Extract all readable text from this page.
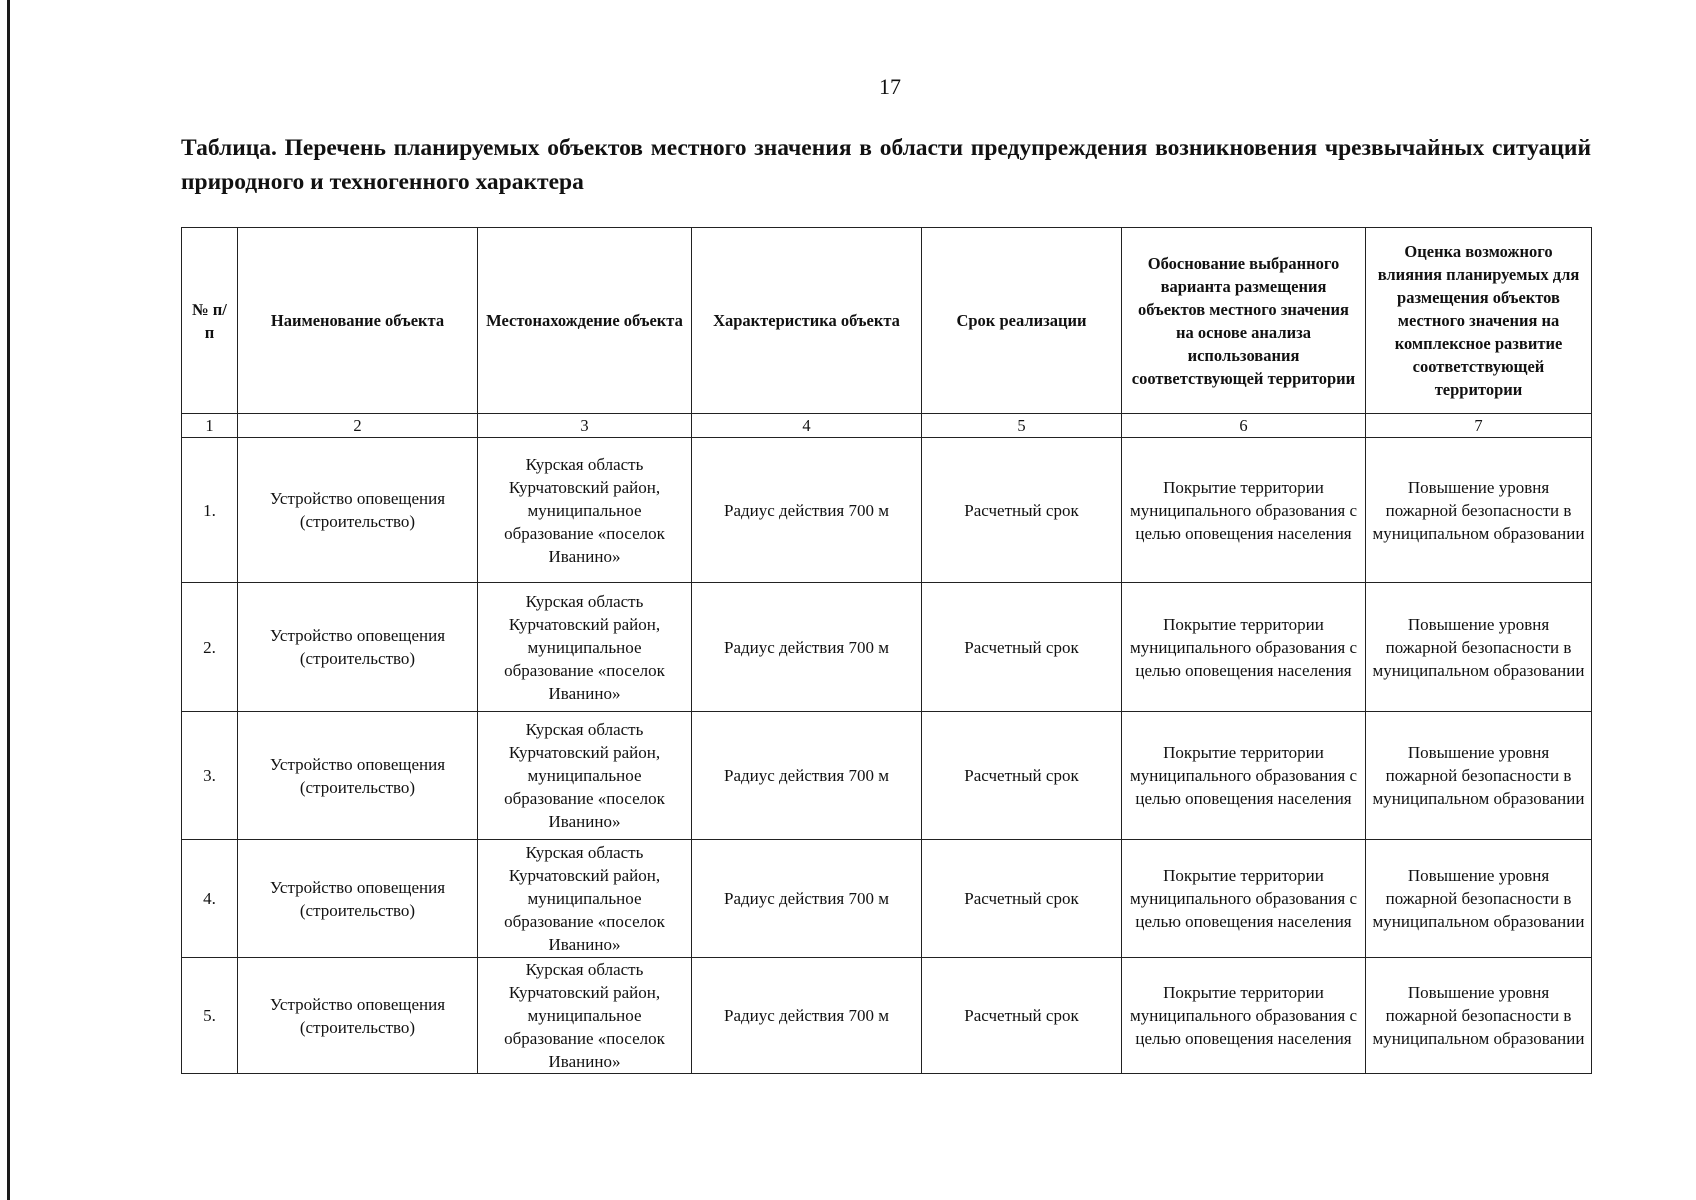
17
Таблица. Перечень планируемых объектов местного значения в области предупреждения возникновения чрезвычайных ситуаций природного и техногенного характера
№ п/п	Наименование объекта	Местонахождение объекта	Характеристика объекта	Срок реализации	Обоснование выбранного варианта размещения объектов местного значения на основе анализа использования соответствующей территории	Оценка возможного влияния планируемых для размещения объектов местного значения на комплексное развитие соответствующей территории
1	2	3	4	5	6	7
1.	Устройство оповещения (строительство)	Курская область Курчатовский район, муниципальное образование «поселок Иванино»	Радиус действия 700 м	Расчетный срок	Покрытие территории муниципального образования с целью оповещения населения	Повышение уровня пожарной безопасности в муниципальном образовании
2.	Устройство оповещения (строительство)	Курская область Курчатовский район, муниципальное образование «поселок Иванино»	Радиус действия 700 м	Расчетный срок	Покрытие территории муниципального образования с целью оповещения населения	Повышение уровня пожарной безопасности в муниципальном образовании
3.	Устройство оповещения (строительство)	Курская область Курчатовский район, муниципальное образование «поселок Иванино»	Радиус действия 700 м	Расчетный срок	Покрытие территории муниципального образования с целью оповещения населения	Повышение уровня пожарной безопасности в муниципальном образовании
4.	Устройство оповещения (строительство)	Курская область Курчатовский район, муниципальное образование «поселок Иванино»	Радиус действия 700 м	Расчетный срок	Покрытие территории муниципального образования с целью оповещения населения	Повышение уровня пожарной безопасности в муниципальном образовании
5.	Устройство оповещения (строительство)	Курская область Курчатовский район, муниципальное образование «поселок Иванино»	Радиус действия 700 м	Расчетный срок	Покрытие территории муниципального образования с целью оповещения населения	Повышение уровня пожарной безопасности в муниципальном образовании
